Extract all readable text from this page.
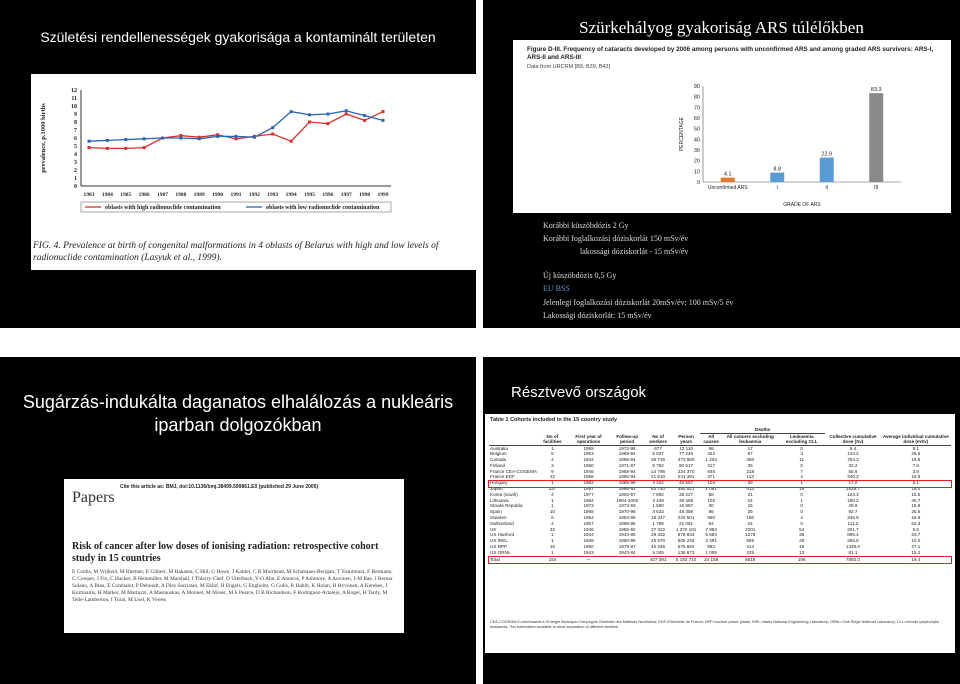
Születési rendellenességek gyakorisága a kontaminált területen
0
1
2
3
4
5
6
7
8
9
10
11
12
prevalence, p.1000 births
1983 1984 1985 1986 1987 1988 1989 1990 1991 1992 1993 1994 1995 1996 1997 1998 1999
oblasts with high radionuclide contamination	oblasts with low radionuclide contamination
FIG. 4. Prevalence at birth of congenital malformations in 4 oblasts of Belarus with high and low levels of radionuclide contamination (Lasyuk et al., 1999).
Szürkehályog gyakoriság ARS túlélőkben
Figure D-III. Frequency of cataracts developed by 2006 among persons with unconfirmed ARS and among graded ARS survivors: ARS-I, ARS-II and ARS-III
Data from URCRM [B9, B39, B42]
0
10
20
30
40
50
60
70
80
90
PERCENTAGE
4.1
Unconfirmed ARS
8.8
I
22.9
II
83.3
III
GRADE OF ARS
Korábbi küszöbdózis 2 Gy
Korábbi foglalkozási dóziskorlát 150 mSv/év
lakossági dóziskorlát - 15 mSv/év
Új küszöbdózis 0,5 Gy
EU BSS
Jelenlegi foglalkozási dóziskorlát 20mSv/év; 100 mSv/5 év
Lakossági dóziskorlát: 15 mSv/év
Sugárzás-indukálta daganatos elhalálozás a nukleáris iparban dolgozókban
Papers
Cite this article as: BMJ, doi:10.1136/bmj.38499.599861.E0 (published 29 June 2005)
Risk of cancer after low doses of ionising radiation: retrospective cohort study in 15 countries
E Cardis, M Vrijheid, M Blettner, E Gilbert, M Hakama, C Hill, G Howe, J Kaldor, C R Muirhead, M Schubauer-Berigan, T Yoshimura, F Bermann, G Cowper, J Fix, C Hacker, B Heinmiller, M Marshall, I Thierry-Chef, D Utterback, Y-O Ahn, E Amoros, P Ashmore, A Auvinen, J-M Bae, J Bernar Solano, A Biau, E Combalot, P Deboodt, A Diez Sacristan, M Eklof, H Engels, G Engholm, G Gulis, R Habib, K Holan, H Hyvonen, A Kerekes, J Kurtinaitis, H Malker, M Martuzzi, A Mastauskas, A Monnet, M Moser, M S Pearce, D B Richardson, F Rodriguez-Artalejo, A Rogel, H Tardy, M Telle-Lamberton, I Turai, M Usel, K Veress
Résztvevő országok
Table 1 Cohorts included in the 15 country study
						Deaths				
	No of facilities	First year of operations	Follow-up period	No of workers	Person years	All causes	All cancers excluding leukaemia	Leukaemia excluding CLL	Collective cumulative dose (Sv)	Average individual cumulative dose (mSv)
Australia	1	1959	1972-98	677	12 110	56	17	0	5.4	8.1
Belgium	5	1953	1969-94	5 037	77 246	322	87	3	134.2	26.6
Canada	4	1944	1956-94	36 736	473 880	1 204	400	11	754.3	19.5
Finland	3	1960	1971-97	5 792	90 517	317	35	0	33.2	7.6
France CEA-COGEMA	9	1946	1968-94	14 796	224 370	646	218	7	55.6	3.8
France EDF	22	1956	1965-94	21 510	241 391	371	113	4	340.2	15.8
Hungary	1	1982	1985-96	3 322	40 557	104	39	1	17.0	5.1
Japan	337	1957	1986-92	83 740	350 521	1 091	413	19	1528.7	18.2
Korea (south)	4	1977	1992-97	7 892	36 227	58	21	0	123.3	15.5
Lithuania	1	1984	1984-2000	4 429	38 458	102	24	1	180.2	40.7
Slovak Republic	1	1973	1973-93	1 590	15 997	30	15	0	29.9	18.8
Spain	10	1968	1970-96	3 633	46 358	66	25	0	92.7	25.5
Sweden	6	1954	1954-96	18 347	220 501	660	190	4	345.8	18.8
Switzerland	4	1957	1969-95	1 785	22 051	64	24	0	111.2	62.3
UK	32	1946	1955-92	37 322	1 370 101	7 983	2201	54	201.7	5.6
US Hanford	1	1944	1944-86	29 332	678 833	5 564	1279	35	895.4	23.7
US INEL	1	1949	1960-95	25 570	505 236	3 491	666	28	256.6	10.0
US NPP	15	1960	1979-97	40 346	576 682	983	314	19	1338.0	27.1
US ORNL	1	1943	1943-84	5 345	136 673	1 009	225	13	81.1	15.2
Total	154	—		407 391	5 192 710	24 158	6519	196	7892.0	19.4
CEA-COGEMA=Commissariat à l'Energie Atomique-Compagnie Générale des Matières Nucléaires; EDF=Electricité de France; NPP=nuclear power plants; INEL=Idaho National Engineering Laboratory; ORNL=Oak Ridge National Laboratory; CLL=chronic lymphocytic leukaemia. *No information available to allow separation of different facilities.
